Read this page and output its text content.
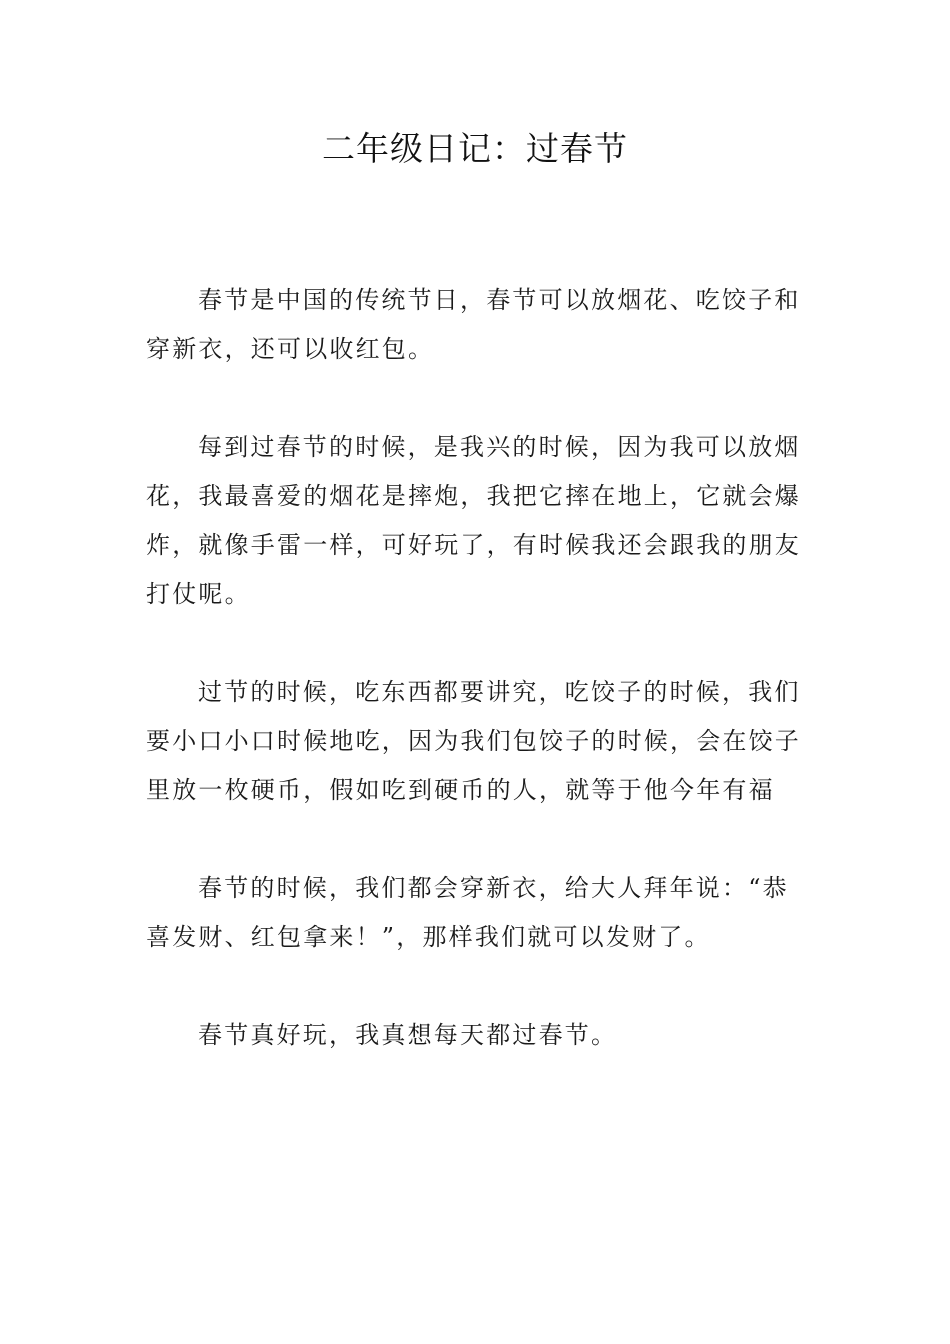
二年级日记：过春节

春节是中国的传统节日，春节可以放烟花、吃饺子和穿新衣，还可以收红包。

每到过春节的时候，是我兴的时候，因为我可以放烟花，我最喜爱的烟花是摔炮，我把它摔在地上，它就会爆炸，就像手雷一样，可好玩了，有时候我还会跟我的朋友打仗呢。

过节的时候，吃东西都要讲究，吃饺子的时候，我们要小口小口时候地吃，因为我们包饺子的时候，会在饺子里放一枚硬币，假如吃到硬币的人，就等于他今年有福

春节的时候，我们都会穿新衣，给大人拜年说：“恭喜发财、红包拿来！”，那样我们就可以发财了。

春节真好玩，我真想每天都过春节。
